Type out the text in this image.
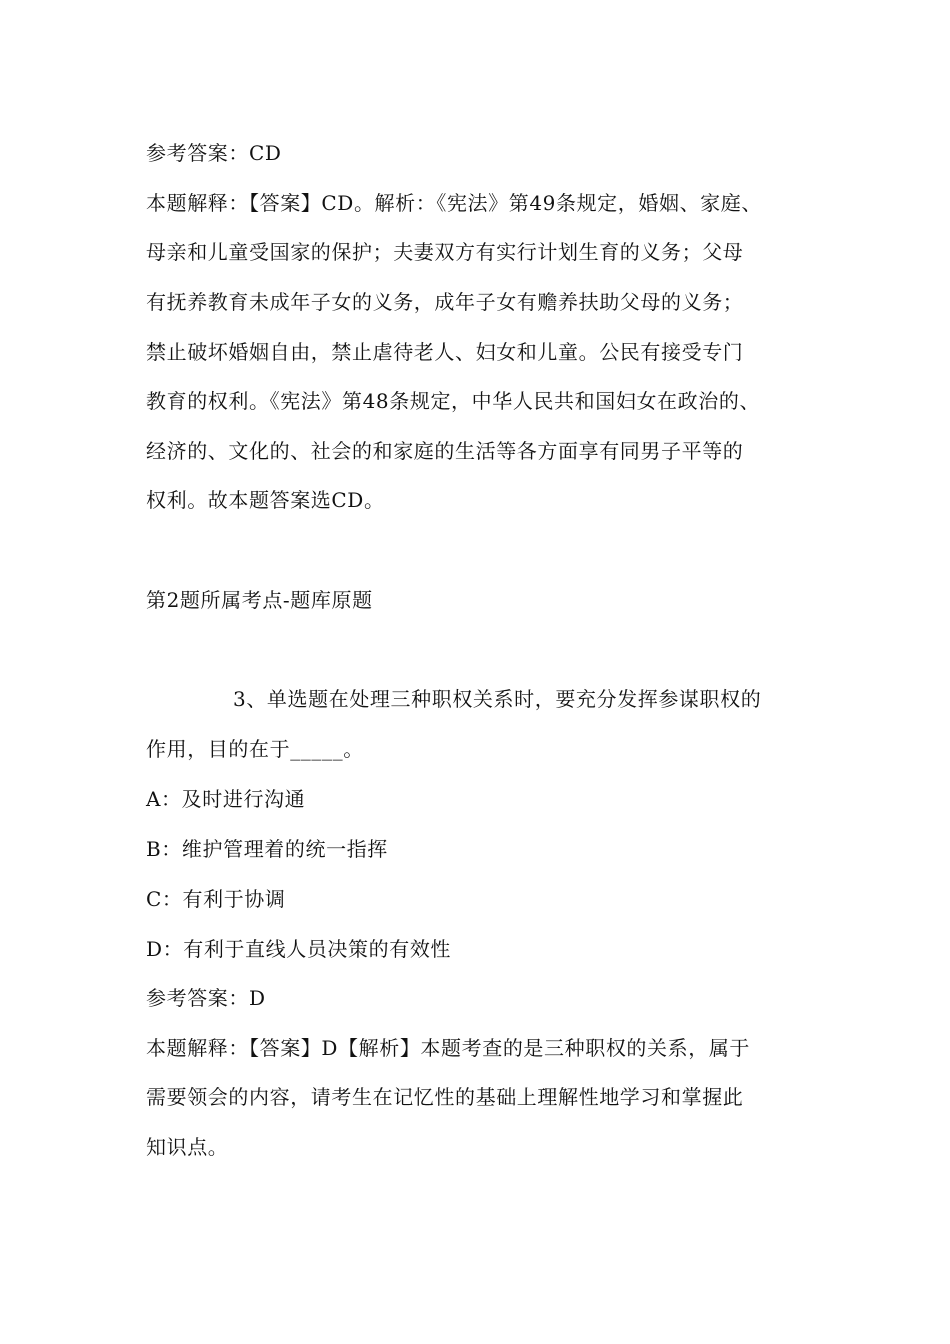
参考答案：CD
本题解释：【答案】CD。解析：《宪法》第49条规定，婚姻、家庭、
母亲和儿童受国家的保护；夫妻双方有实行计划生育的义务；父母
有抚养教育未成年子女的义务，成年子女有赡养扶助父母的义务；
禁止破坏婚姻自由，禁止虐待老人、妇女和儿童。公民有接受专门
教育的权利。《宪法》第48条规定，中华人民共和国妇女在政治的、
经济的、文化的、社会的和家庭的生活等各方面享有同男子平等的
权利。故本题答案选CD。
第2题所属考点-题库原题
3、单选题在处理三种职权关系时，要充分发挥参谋职权的
作用，目的在于_____。
A：及时进行沟通
B：维护管理着的统一指挥
C：有利于协调
D：有利于直线人员决策的有效性
参考答案：D
本题解释：【答案】D【解析】本题考查的是三种职权的关系，属于
需要领会的内容，请考生在记忆性的基础上理解性地学习和掌握此
知识点。
